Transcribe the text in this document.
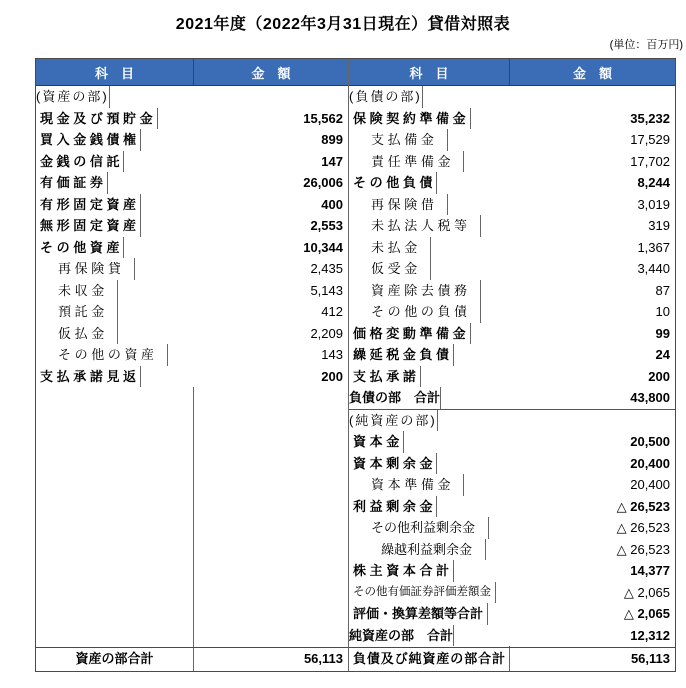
2021年度（2022年3月31日現在）貸借対照表
(単位：百万円)
科　目	金　額
(資産の部)
現 金 及 び 預 貯 金	15,562
買 入 金 銭 債 権	899
金 銭 の 信 託	147
有 価 証 券	26,006
有 形 固 定 資 産	400
無 形 固 定 資 産	2,553
そ の 他 資 産	10,344
再 保 険 貸	2,435
未 収 金	5,143
預 託 金	412
仮 払 金	2,209
そ の 他 の 資 産	143
支 払 承 諾 見 返	200
資産の部合計	56,113
科　目	金　額
(負債の部)
保 険 契 約 準 備 金	35,232
支 払 備 金	17,529
責 任 準 備 金	17,702
そ の 他 負 債	8,244
再 保 険 借	3,019
未 払 法 人 税 等	319
未 払 金	1,367
仮 受 金	3,440
資 産 除 去 債 務	87
そ の 他 の 負 債	10
価 格 変 動 準 備 金	99
繰 延 税 金 負 債	24
支 払 承 諾	200
負債の部　合計	43,800
(純資産の部)
資 本 金	20,500
資 本 剰 余 金	20,400
資 本 準 備 金	20,400
利 益 剰 余 金	△ 26,523
その他利益剰余金	△ 26,523
繰越利益剰余金	△ 26,523
株 主 資 本 合 計	14,377
その他有価証券評価差額金	△ 2,065
評価・換算差額等合計	△ 2,065
純資産の部　合計	12,312
負債及び純資産の部合計	56,113
